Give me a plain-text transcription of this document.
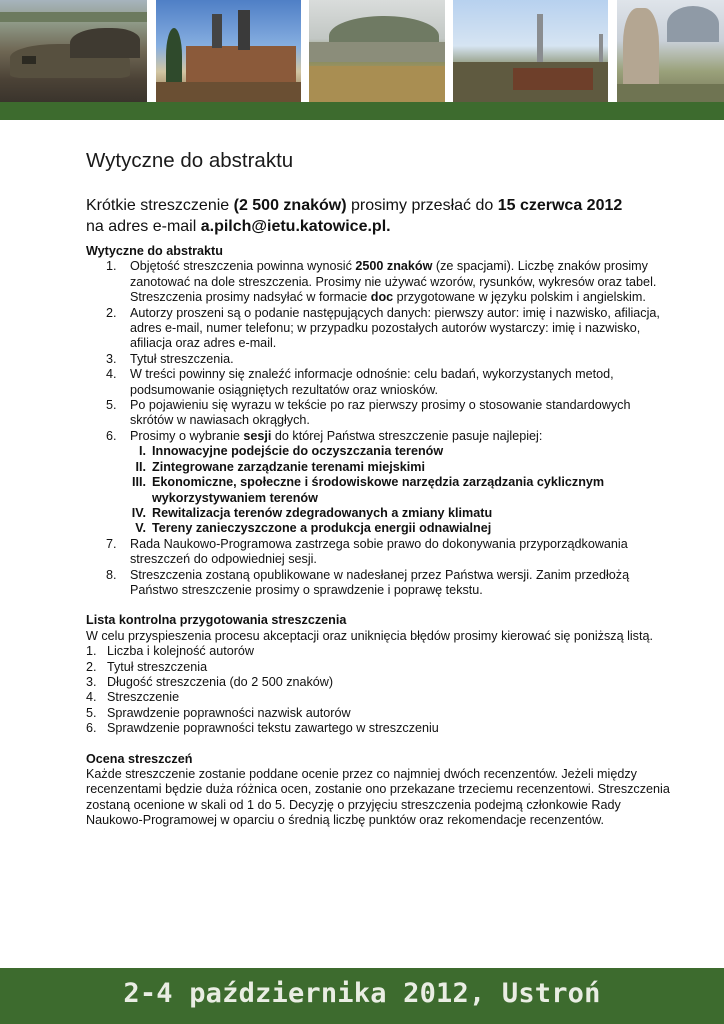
Wytyczne do abstraktu
Krótkie streszczenie (2 500 znaków) prosimy przesłać do 15 czerwca 2012
na adres e-mail a.pilch@ietu.katowice.pl.
Wytyczne do abstraktu
1. Objętość streszczenia powinna wynosić 2500 znaków (ze spacjami). Liczbę znaków prosimy zanotować na dole streszczenia. Prosimy nie używać wzorów, rysunków, wykresów oraz tabel. Streszczenia prosimy nadsyłać w formacie doc przygotowane w języku polskim i angielskim.
2. Autorzy proszeni są o podanie następujących danych: pierwszy autor: imię i nazwisko, afiliacja, adres e-mail, numer telefonu; w przypadku pozostałych autorów wystarczy: imię i nazwisko, afiliacja oraz adres e-mail.
3. Tytuł streszczenia.
4. W treści powinny się znaleźć informacje odnośnie: celu badań, wykorzystanych metod, podsumowanie osiągniętych rezultatów oraz wniosków.
5. Po pojawieniu się wyrazu w tekście po raz pierwszy prosimy o stosowanie standardowych skrótów w nawiasach okrągłych.
6. Prosimy o wybranie sesji do której Państwa streszczenie pasuje najlepiej:
I. Innowacyjne podejście do oczyszczania terenów
II. Zintegrowane zarządzanie terenami miejskimi
III. Ekonomiczne, społeczne i środowiskowe narzędzia zarządzania cyklicznym wykorzystywaniem terenów
IV. Rewitalizacja terenów zdegradowanych a zmiany klimatu
V. Tereny zanieczyszczone a produkcja energii odnawialnej
7. Rada Naukowo-Programowa zastrzega sobie prawo do dokonywania przyporządkowania streszczeń do odpowiedniej sesji.
8. Streszczenia zostaną opublikowane w nadesłanej przez Państwa wersji. Zanim przedłożą Państwo streszczenie prosimy o sprawdzenie i poprawę tekstu.
Lista kontrolna przygotowania streszczenia
W celu przyspieszenia procesu akceptacji oraz uniknięcia błędów prosimy kierować się poniższą listą.
1. Liczba i kolejność autorów
2. Tytuł streszczenia
3. Długość streszczenia (do 2 500 znaków)
4. Streszczenie
5. Sprawdzenie poprawności nazwisk autorów
6. Sprawdzenie poprawności tekstu zawartego w streszczeniu
Ocena streszczeń
Każde streszczenie zostanie poddane ocenie przez co najmniej dwóch recenzentów. Jeżeli między recenzentami będzie duża różnica ocen, zostanie ono przekazane trzeciemu recenzentowi. Streszczenia zostaną ocenione w skali od 1 do 5. Decyzję o przyjęciu streszczenia podejmą członkowie Rady Naukowo-Programowej w oparciu o średnią liczbę punktów oraz rekomendacje recenzentów.
2-4 października 2012, Ustroń
